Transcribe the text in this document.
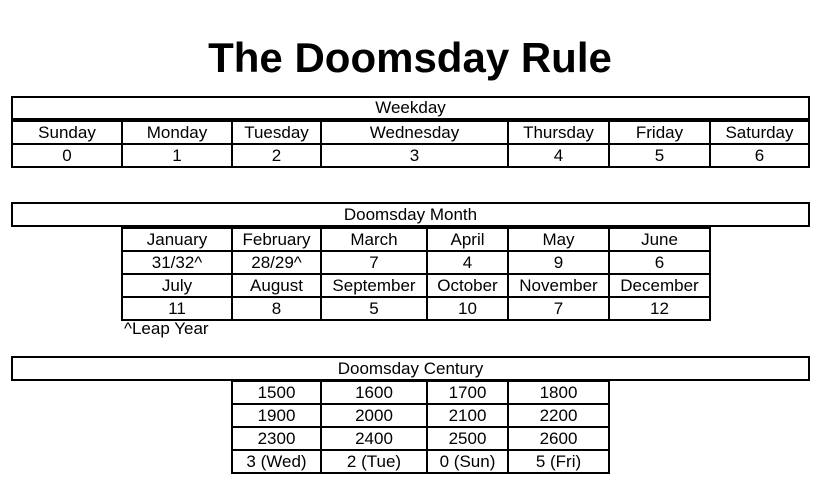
The Doomsday Rule
Weekday
Sunday	Monday	Tuesday	Wednesday	Thursday	Friday	Saturday
0	1	2	3	4	5	6
Doomsday Month
January	February	March	April	May	June
31/32^	28/29^	7	4	9	6
July	August	September	October	November	December
11	8	5	10	7	12
^Leap Year
Doomsday Century
1500	1600	1700	1800
1900	2000	2100	2200
2300	2400	2500	2600
3 (Wed)	2 (Tue)	0 (Sun)	5 (Fri)
